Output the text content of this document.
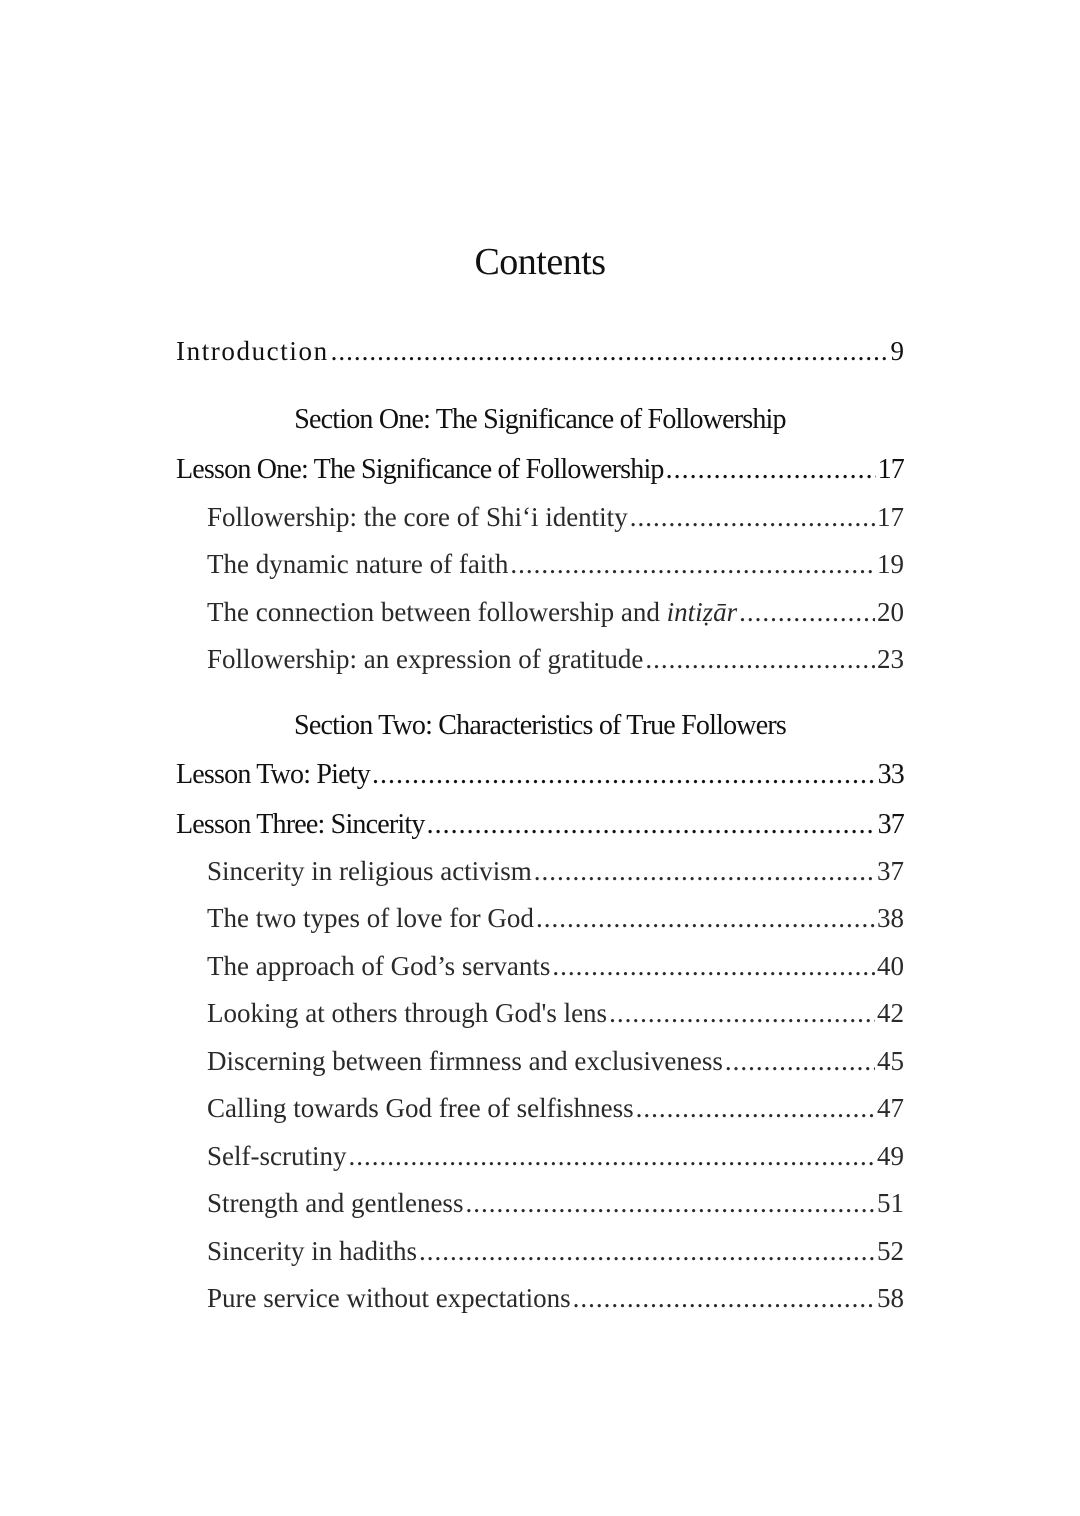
Contents
Introduction .....	9
Section One: The Significance of Followership
Lesson One: The Significance of Followership .....	17
Followership: the core of Shi‘i identity .....	17
The dynamic nature of faith .....	19
The connection between followership and intiẓār .....	20
Followership: an expression of gratitude .....	23
Section Two: Characteristics of True Followers
Lesson Two: Piety .....	33
Lesson Three: Sincerity .....	37
Sincerity in religious activism .....	37
The two types of love for God .....	38
The approach of God’s servants .....	40
Looking at others through God's lens .....	42
Discerning between firmness and exclusiveness .....	45
Calling towards God free of selfishness .....	47
Self-scrutiny .....	49
Strength and gentleness .....	51
Sincerity in hadiths .....	52
Pure service without expectations .....	58
